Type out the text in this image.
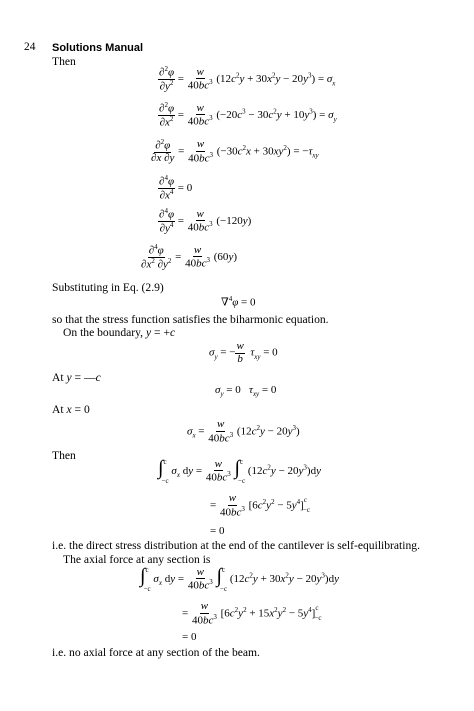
24 Solutions Manual
Then
$\frac{\partial^2\varphi}{\partial y^2} = \frac{w}{40bc^3} (12c^2y + 30x^2y - 20y^3) = \sigma_x$
$\frac{\partial^2\varphi}{\partial x^2} = \frac{w}{40bc^3} (-20c^3 - 30c^2y + 10y^3) = \sigma_y$
$\frac{\partial^2\varphi}{\partial x \partial y} = \frac{w}{40bc^3} (-30c^2x + 30xy^2) = -\tau_{xy}$
$\frac{\partial^4\varphi}{\partial x^4} = 0$
$\frac{\partial^4\varphi}{\partial y^4} = \frac{w}{40bc^3} (-120y)$
$\frac{\partial^4\varphi}{\partial x^2 \partial y^2} = \frac{w}{40bc^3} (60y)$
Substituting in Eq. (2.9)
∇$^4$φ = 0
so that the stress function satisfies the biharmonic equation.
On the boundary, y = +c
$\sigma_y$ = − $\frac{w}{b} \tau_{xy} = 0$
At y = —c
$\sigma_y = 0$   $\tau_{xy} = 0$
At x = 0
$\sigma_x = \frac{w}{40bc^3} (12c^2y - 20y^3)$
Then
∫c−c $\sigma_x$ dy = $\frac{w}{40bc^3} \int c-c$ $(12c^2y - 20y^3)dy$
= $\frac{w}{40bc^3} [6c^2y^2 - 5y^4]c-c$
= 0
i.e. the direct stress distribution at the end of the cantilever is self-equilibrating.
The axial force at any section is
∫c−c $\sigma_x$ dy = $\frac{w}{40bc^3} \int c-c$ $(12c^2y + 30x^2y - 20y^3)dy$
= $\frac{w}{40bc^3} [6c^2y^2 + 15x^2y^2 - 5y^4]c-c$
= 0
i.e. no axial force at any section of the beam.
